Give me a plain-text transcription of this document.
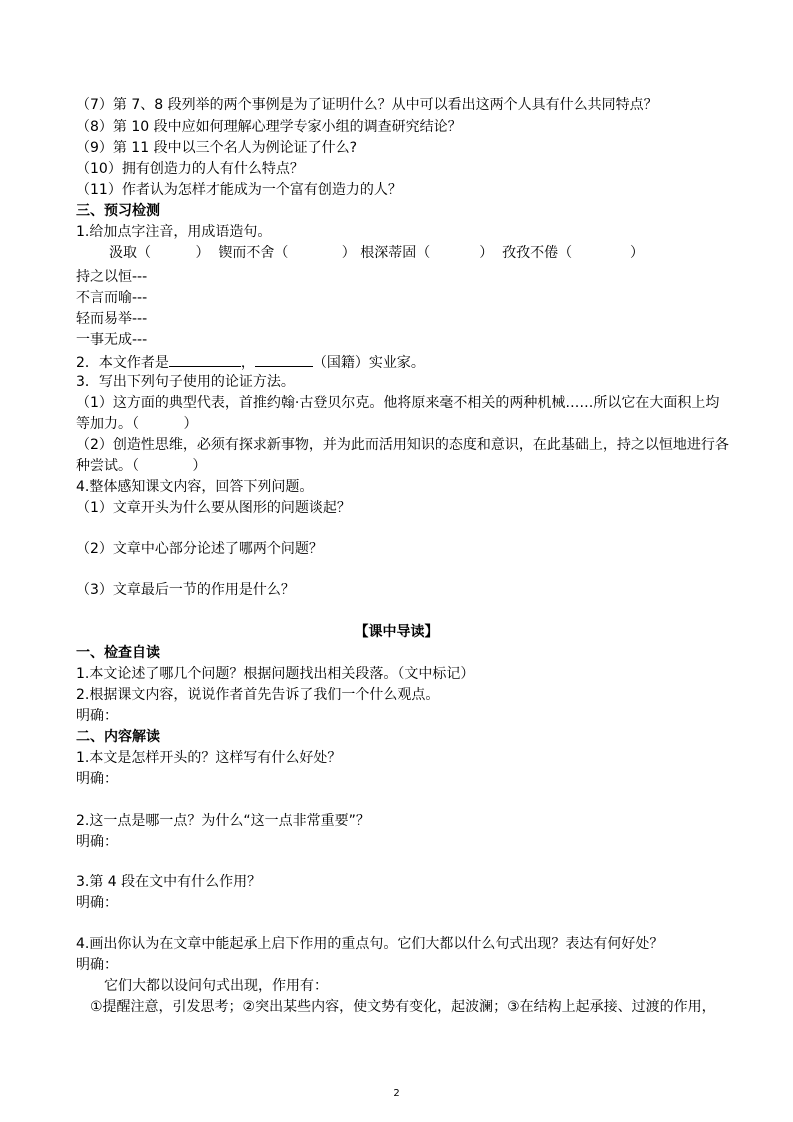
（7）第 7、8 段列举的两个事例是为了证明什么？从中可以看出这两个人具有什么共同特点？
（8）第 10 段中应如何理解心理学专家小组的调查研究结论？
（9）第 11 段中以三个名人为例论证了什么?
（10）拥有创造力的人有什么特点？
（11）作者认为怎样才能成为一个富有创造力的人？
三、预习检测
1.给加点字注音，用成语造句。
汲取（          ）  锲而不舍（            ） 根深蒂固（           ）  孜孜不倦（             ）
持之以恒---
不言而喻---
轻而易举---
一事无成---
2．本文作者是	，	（国籍）实业家。
3．写出下列句子使用的论证方法。
（1）这方面的典型代表，首推约翰·古登贝尔克。他将原来毫不相关的两种机械……所以它在大面积上均
等加力。（          ）
（2）创造性思维，必须有探求新事物，并为此而活用知识的态度和意识，在此基础上，持之以恒地进行各
种尝试。（            ）
4.整体感知课文内容，回答下列问题。
（1）文章开头为什么要从图形的问题谈起？
（2）文章中心部分论述了哪两个问题？
（3）文章最后一节的作用是什么？
【课中导读】
一、检查自读
1.本文论述了哪几个问题？根据问题找出相关段落。（文中标记）
2.根据课文内容，说说作者首先告诉了我们一个什么观点。
明确：
二、内容解读
1.本文是怎样开头的？这样写有什么好处？
明确：
2.这一点是哪一点？为什么“这一点非常重要”？
明确：
3.第 4 段在文中有什么作用？
明确：
4.画出你认为在文章中能起承上启下作用的重点句。它们大都以什么句式出现？表达有何好处？
明确：
它们大都以设问句式出现，作用有：
①提醒注意，引发思考；②突出某些内容，使文势有变化，起波澜；③在结构上起承接、过渡的作用，
2
